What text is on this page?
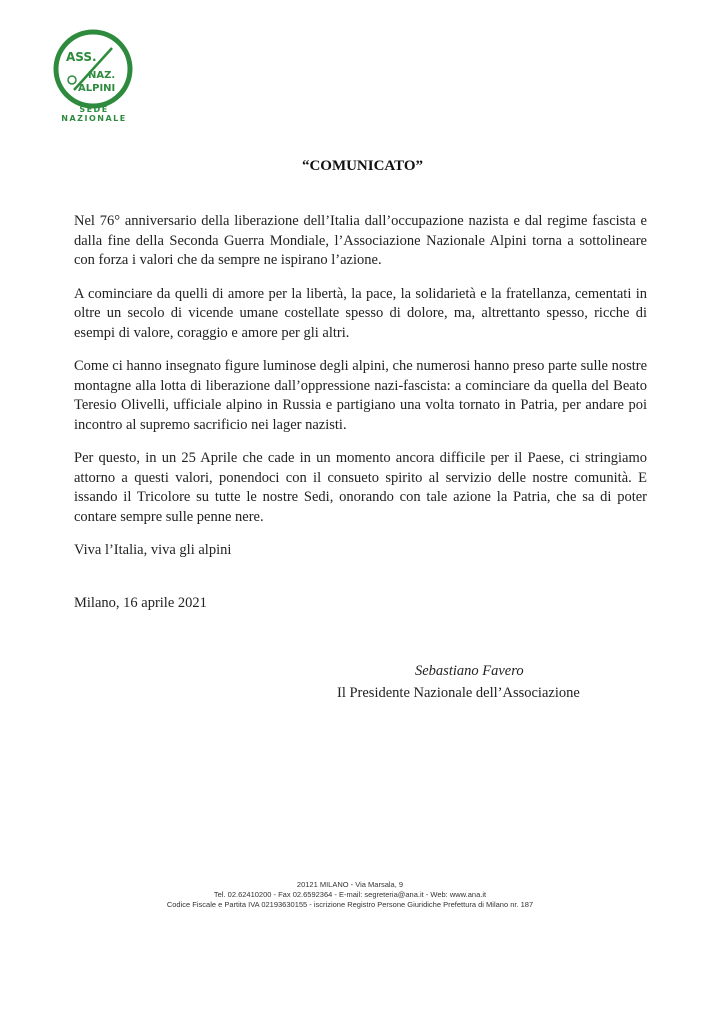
ASS.
NAZ.
ALPINI
SEDE NAZIONALE
“COMUNICATO”

Nel 76° anniversario della liberazione dell’Italia dall’occupazione nazista e dal regime fascista e dalla fine della Seconda Guerra Mondiale, l’Associazione Nazionale Alpini torna a sottolineare con forza i valori che da sempre ne ispirano l’azione.

A cominciare da quelli di amore per la libertà, la pace, la solidarietà e la fratellanza, cementati in oltre un secolo di vicende umane costellate spesso di dolore, ma, altrettanto spesso, ricche di esempi di valore, coraggio e amore per gli altri.

Come ci hanno insegnato figure luminose degli alpini, che numerosi hanno preso parte sulle nostre montagne alla lotta di liberazione dall’oppressione nazi-fascista: a cominciare da quella del Beato Teresio Olivelli, ufficiale alpino in Russia e partigiano una volta tornato in Patria, per andare poi incontro al supremo sacrificio nei lager nazisti.

Per questo, in un 25 Aprile che cade in un momento ancora difficile per il Paese, ci stringiamo attorno a questi valori, ponendoci con il consueto spirito al servizio delle nostre comunità. E issando il Tricolore su tutte le nostre Sedi, onorando con tale azione la Patria, che sa di poter contare sempre sulle penne nere.

Viva l’Italia, viva gli alpini

Milano, 16 aprile 2021
Sebastiano Favero
Il Presidente Nazionale dell’Associazione
20121 MILANO - Via Marsala, 9
Tel. 02.62410200 - Fax 02.6592364 - E-mail: segreteria@ana.it - Web: www.ana.it
Codice Fiscale e Partita IVA 02193630155 - iscrizione Registro Persone Giuridiche Prefettura di Milano nr. 187
